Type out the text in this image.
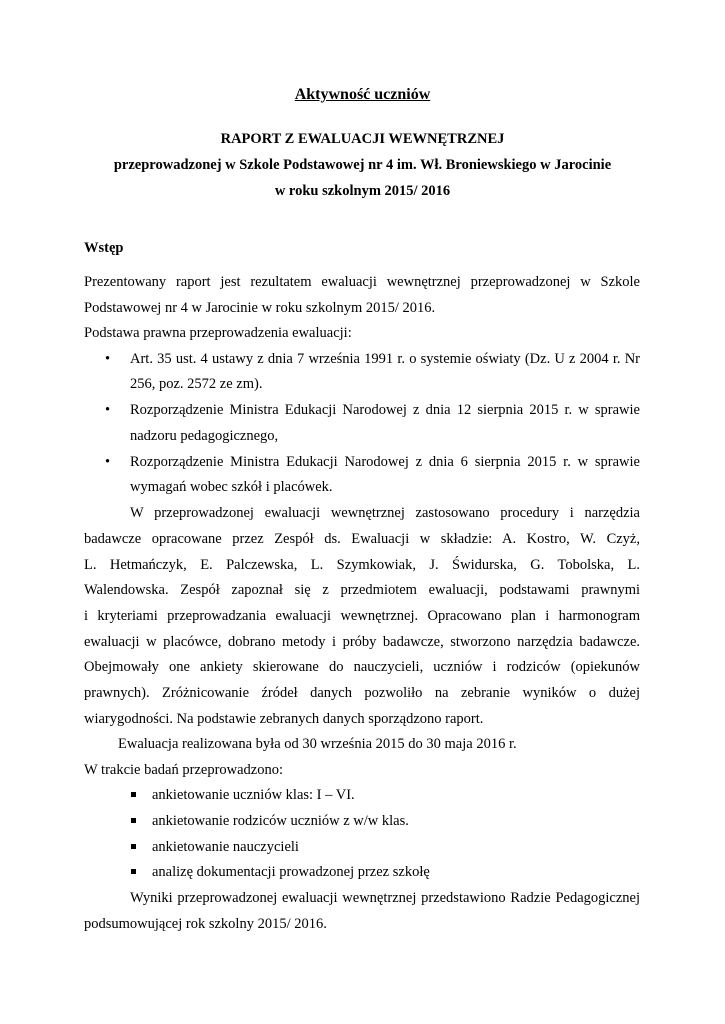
Aktywność uczniów
RAPORT Z EWALUACJI WEWNĘTRZNEJ
przeprowadzonej w Szkole Podstawowej nr 4 im. Wł. Broniewskiego w Jarocinie
w roku szkolnym 2015/ 2016
Wstęp
Prezentowany raport jest rezultatem ewaluacji wewnętrznej przeprowadzonej w Szkole
Podstawowej nr 4 w Jarocinie w roku szkolnym 2015/ 2016.
Podstawa prawna przeprowadzenia ewaluacji:
• Art. 35 ust. 4 ustawy z dnia 7 września 1991 r. o systemie oświaty (Dz. U z 2004 r. Nr
256, poz. 2572 ze zm).
• Rozporządzenie Ministra Edukacji Narodowej z dnia 12 sierpnia 2015 r. w sprawie
nadzoru pedagogicznego,
• Rozporządzenie Ministra Edukacji Narodowej z dnia 6 sierpnia 2015 r. w sprawie
wymagań wobec szkół i placówek.
W przeprowadzonej ewaluacji wewnętrznej zastosowano procedury i narzędzia
badawcze opracowane przez Zespół ds. Ewaluacji w składzie: A. Kostro, W. Czyż,
L. Hetmańczyk, E. Palczewska, L. Szymkowiak, J. Świdurska, G. Tobolska, L.
Walendowska. Zespół zapoznał się z przedmiotem ewaluacji, podstawami prawnymi
i kryteriami przeprowadzania ewaluacji wewnętrznej. Opracowano plan i harmonogram
ewaluacji w placówce, dobrano metody i próby badawcze, stworzono narzędzia badawcze.
Obejmowały one ankiety skierowane do nauczycieli, uczniów i rodziców (opiekunów
prawnych). Zróżnicowanie źródeł danych pozwoliło na zebranie wyników o dużej
wiarygodności. Na podstawie zebranych danych sporządzono raport.
Ewaluacja realizowana była od 30 września 2015 do 30 maja 2016 r.
W trakcie badań przeprowadzono:
ankietowanie uczniów klas: I – VI.
ankietowanie rodziców uczniów z w/w klas.
ankietowanie nauczycieli
analizę dokumentacji prowadzonej przez szkołę
Wyniki przeprowadzonej ewaluacji wewnętrznej przedstawiono Radzie Pedagogicznej
podsumowującej rok szkolny 2015/ 2016.
